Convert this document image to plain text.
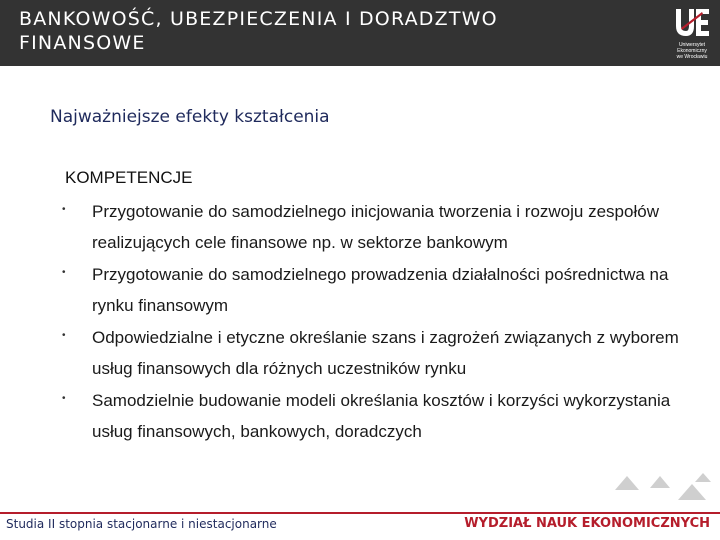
BANKOWOŚĆ, UBEZPIECZENIA I DORADZTWO FINANSOWE	Uniwersytet
Ekonomiczny
we Wrocławiu
Najważniejsze efekty kształcenia
KOMPETENCJE
• Przygotowanie do samodzielnego inicjowania tworzenia i rozwoju zespołów realizujących cele finansowe np. w sektorze bankowym
• Przygotowanie do samodzielnego prowadzenia działalności pośrednictwa na rynku finansowym
• Odpowiedzialne i etyczne określanie szans i zagrożeń związanych z wyborem usług finansowych dla różnych uczestników rynku
• Samodzielnie budowanie modeli określania kosztów i korzyści wykorzystania usług finansowych, bankowych, doradczych
Studia II stopnia stacjonarne i niestacjonarne	WYDZIAŁ NAUK EKONOMICZNYCH
